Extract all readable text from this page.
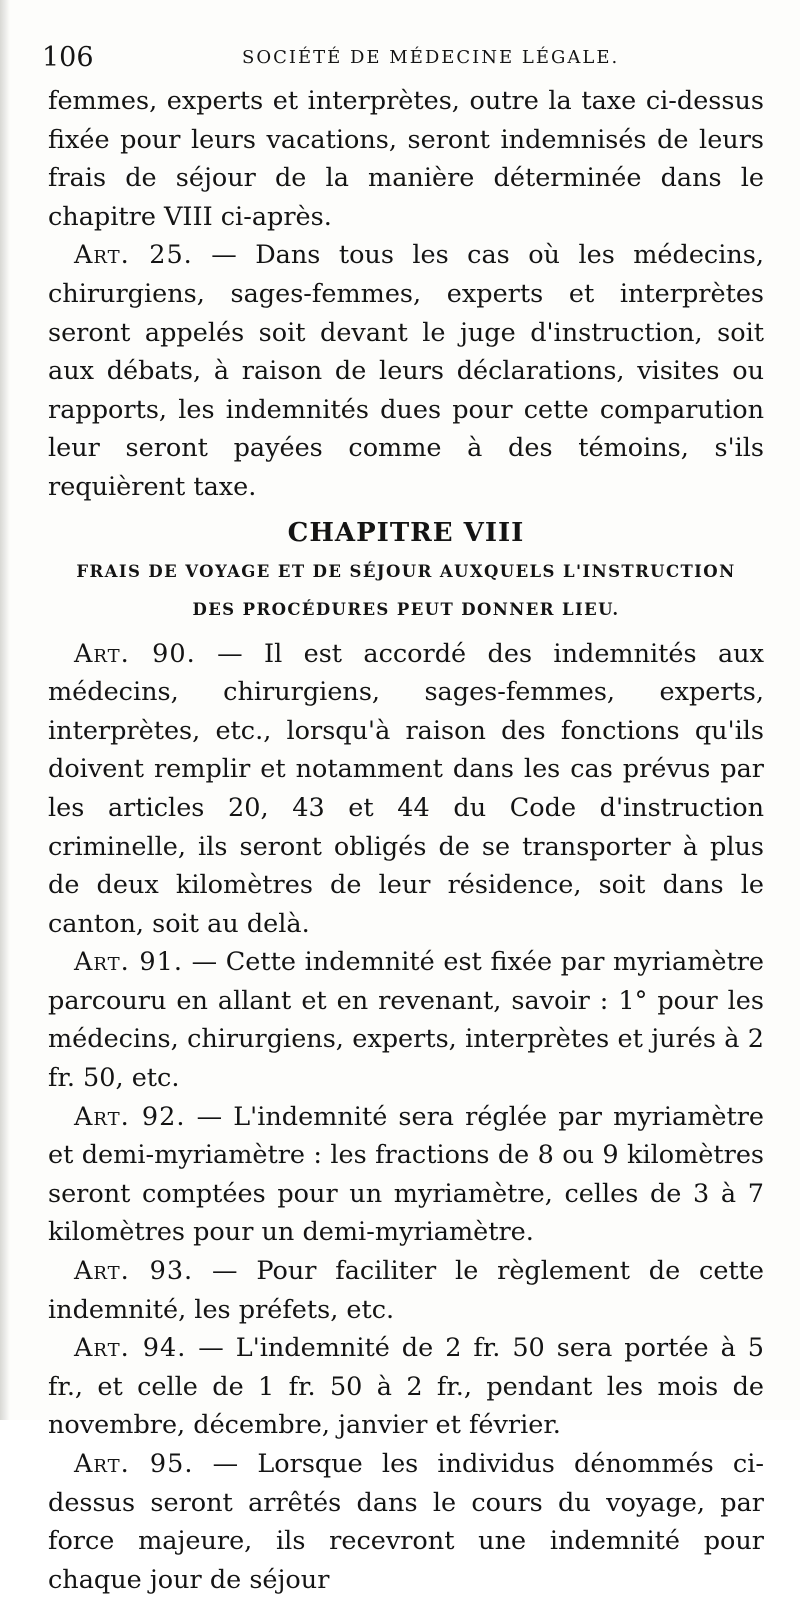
106	SOCIÉTÉ DE MÉDECINE LÉGALE.

femmes, experts et interprètes, outre la taxe ci-dessus fixée pour leurs vacations, seront indemnisés de leurs frais de séjour de la manière déterminée dans le chapitre VIII ci-après.

Art. 25. — Dans tous les cas où les médecins, chirurgiens, sages-femmes, experts et interprètes seront appelés soit devant le juge d'instruction, soit aux débats, à raison de leurs déclarations, visites ou rapports, les indemnités dues pour cette comparution leur seront payées comme à des témoins, s'ils requièrent taxe.

CHAPITRE VIII
FRAIS DE VOYAGE ET DE SÉJOUR AUXQUELS L'INSTRUCTION
DES PROCÉDURES PEUT DONNER LIEU.

Art. 90. — Il est accordé des indemnités aux médecins, chirurgiens, sages-femmes, experts, interprètes, etc., lorsqu'à raison des fonctions qu'ils doivent remplir et notamment dans les cas prévus par les articles 20, 43 et 44 du Code d'instruction criminelle, ils seront obligés de se transporter à plus de deux kilomètres de leur résidence, soit dans le canton, soit au delà.

Art. 91. — Cette indemnité est fixée par myriamètre parcouru en allant et en revenant, savoir : 1° pour les médecins, chirurgiens, experts, interprètes et jurés à 2 fr. 50, etc.

Art. 92. — L'indemnité sera réglée par myriamètre et demi-myriamètre : les fractions de 8 ou 9 kilomètres seront comptées pour un myriamètre, celles de 3 à 7 kilomètres pour un demi-myriamètre.

Art. 93. — Pour faciliter le règlement de cette indemnité, les préfets, etc.

Art. 94. — L'indemnité de 2 fr. 50 sera portée à 5 fr., et celle de 1 fr. 50 à 2 fr., pendant les mois de novembre, décembre, janvier et février.

Art. 95. — Lorsque les individus dénommés ci-dessus seront arrêtés dans le cours du voyage, par force majeure, ils recevront une indemnité pour chaque jour de séjour
